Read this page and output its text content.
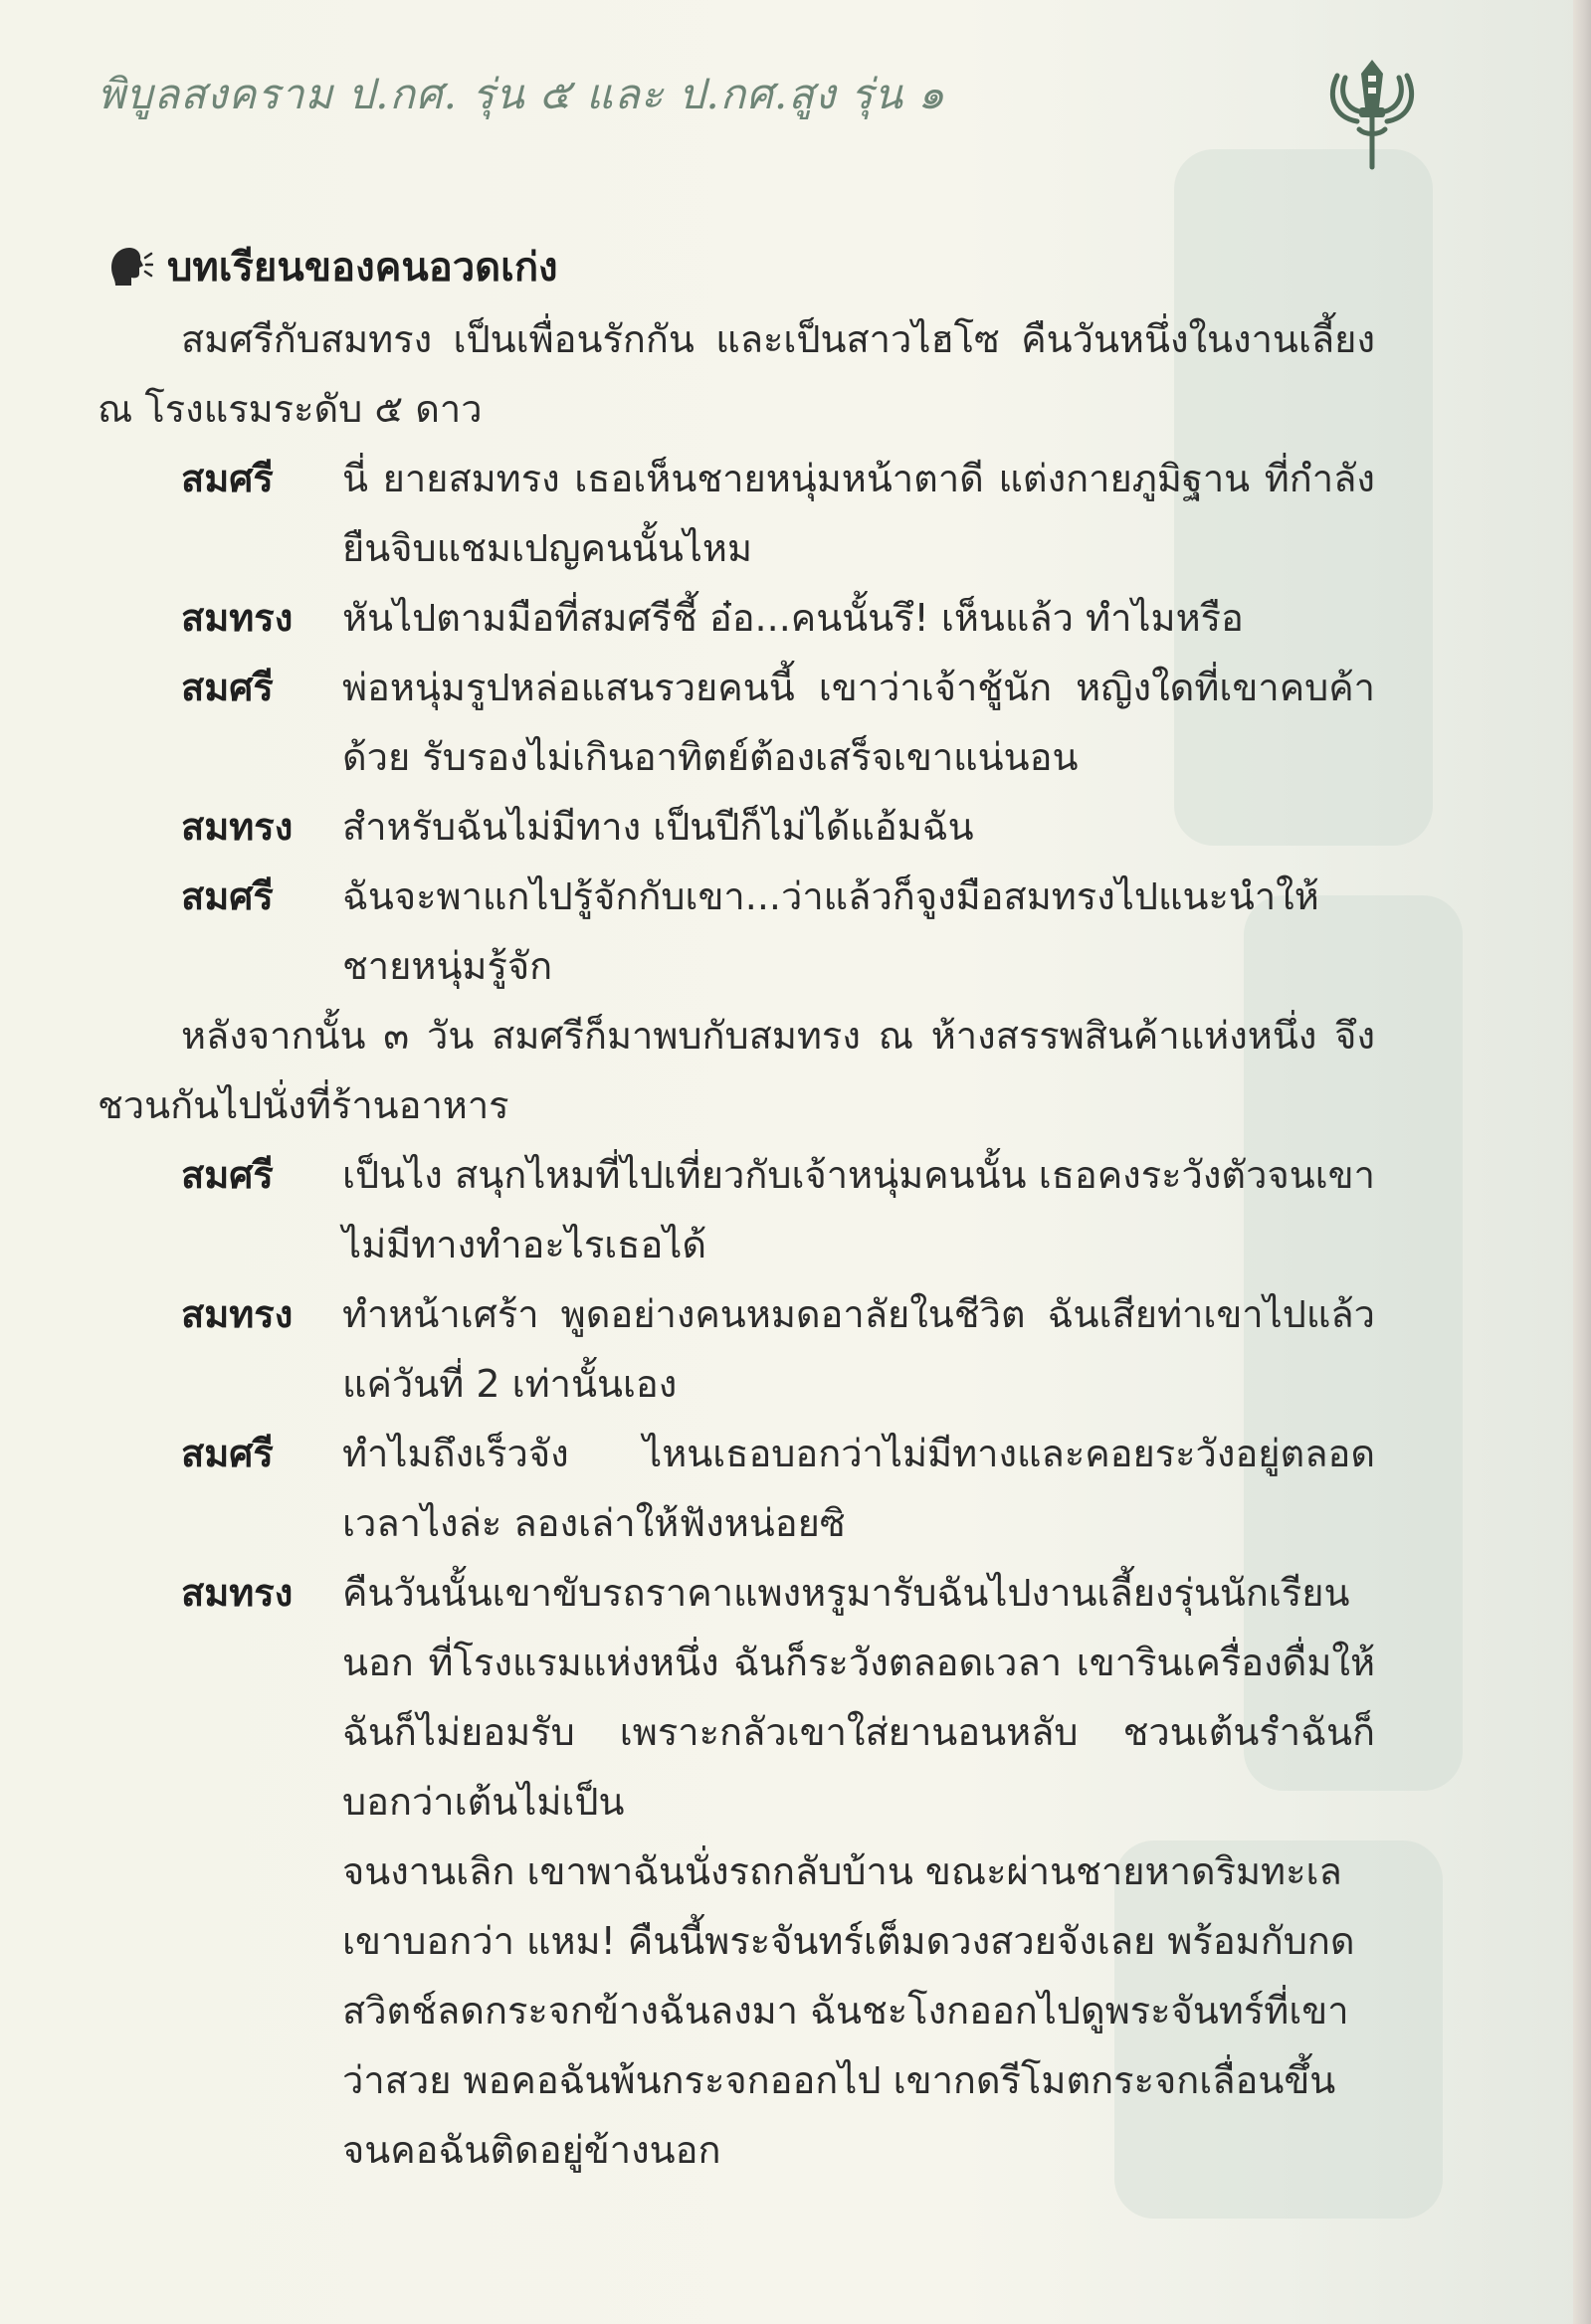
พิบูลสงคราม ป.กศ. รุ่น ๕ และ ป.กศ.สูง รุ่น ๑
บทเรียนของคนอวดเก่ง

สมศรีกับสมทรง เป็นเพื่อนรักกัน และเป็นสาวไฮโซ คืนวันหนึ่งในงานเลี้ยง ณ โรงแรมระดับ ๕ ดาว

สมศรี	นี่ ยายสมทรง เธอเห็นชายหนุ่มหน้าตาดี แต่งกายภูมิฐาน ที่กำลังยืนจิบแชมเปญคนนั้นไหม
สมทรง	หันไปตามมือที่สมศรีชี้ อ๋อ...คนนั้นรึ! เห็นแล้ว ทำไมหรือ
สมศรี	พ่อหนุ่มรูปหล่อแสนรวยคนนี้ เขาว่าเจ้าชู้นัก หญิงใดที่เขาคบค้าด้วย รับรองไม่เกินอาทิตย์ต้องเสร็จเขาแน่นอน
สมทรง	สำหรับฉันไม่มีทาง เป็นปีก็ไม่ได้แอ้มฉัน
สมศรี	ฉันจะพาแกไปรู้จักกับเขา...ว่าแล้วก็จูงมือสมทรงไปแนะนำให้ชายหนุ่มรู้จัก

หลังจากนั้น ๓ วัน สมศรีก็มาพบกับสมทรง ณ ห้างสรรพสินค้าแห่งหนึ่ง จึงชวนกันไปนั่งที่ร้านอาหาร

สมศรี	เป็นไง สนุกไหมที่ไปเที่ยวกับเจ้าหนุ่มคนนั้น เธอคงระวังตัวจนเขาไม่มีทางทำอะไรเธอได้
สมทรง	ทำหน้าเศร้า พูดอย่างคนหมดอาลัยในชีวิต ฉันเสียท่าเขาไปแล้วแค่วันที่ 2 เท่านั้นเอง
สมศรี	ทำไมถึงเร็วจัง ไหนเธอบอกว่าไม่มีทางและคอยระวังอยู่ตลอดเวลาไงล่ะ ลองเล่าให้ฟังหน่อยซิ
สมทรง	คืนวันนั้นเขาขับรถราคาแพงหรูมารับฉันไปงานเลี้ยงรุ่นนักเรียนนอก ที่โรงแรมแห่งหนึ่ง ฉันก็ระวังตลอดเวลา เขารินเครื่องดื่มให้ฉันก็ไม่ยอมรับ เพราะกลัวเขาใส่ยานอนหลับ ชวนเต้นรำฉันก็บอกว่าเต้นไม่เป็น
จนงานเลิก เขาพาฉันนั่งรถกลับบ้าน ขณะผ่านชายหาดริมทะเล เขาบอกว่า แหม! คืนนี้พระจันทร์เต็มดวงสวยจังเลย พร้อมกับกดสวิตช์ลดกระจกข้างฉันลงมา ฉันชะโงกออกไปดูพระจันทร์ที่เขาว่าสวย พอคอฉันพ้นกระจกออกไป เขากดรีโมตกระจกเลื่อนขึ้นจนคอฉันติดอยู่ข้างนอก
